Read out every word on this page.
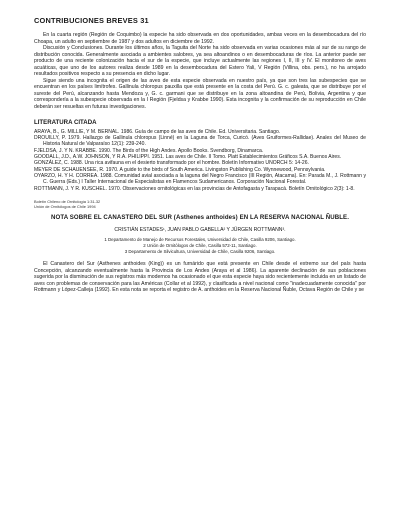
CONTRIBUCIONES BREVES 31

En la cuarta región (Región de Coquimbo) la especie ha sido observada en dos oportunidades, ambas veces en la desembocadura del río Choapa, un adulto en septiembre de 1987 y dos adultos en diciembre de 1992.

Discusión y Conclusiones. Durante los últimos años, la Taguita del Norte ha sido observada en varias ocasiones más al sur de su rango de distribución conocida. Generalmente asociada a ambientes salobres, ya sea altoandinos o en desembocaduras de ríos. La anterior puede ser producto de una reciente colonización hacia el sur de la especie, que incluye actualmente las regiones I, II, III y IV. El monitoreo de aves acuáticas, que uno de los autores realiza desde 1989 en la desembocadura del Estero Yali, V Región (Villina, obs. pers.), no ha arrojado resultados positivos respecto a su presencia en dicho lugar.

Sigue siendo una incognita el origen de las aves de esta especie observada en nuestro país, ya que son tres las subespecies que se encuentran en los países limítrofes. Gallinula chloropus pauxilla que está presente en la costa del Perú. G. c. galeata, que se distribuye por el sureste del Perú, alcanzando hasta Mendoza y, G. c. garmani que se distribuye en la zona altoandina de Perú, Bolivia, Argentina y que correspondería a la subespecie observada en la I Región (Fjeldsa y Krabbe 1990). Esta incognita y la confirmación de su reproducción en Chile deberán ser resueltas en futuras investigaciones.

LITERATURA CITADA
ARAYA, B., G. MILLIE, Y M. BERNAL. 1986. Guía de campo de las aves de Chile. Ed. Universitaria. Santiago.
DROUILLY, P. 1979. Hallazgo de Gallinula chloropus (Linné) en la Laguna de Torca, Curicó. (Aves Gruiformes-Rallidae). Anales del Museo de Historia Natural de Valparaíso 12(1): 239-240.
FJELDSA, J. Y N. KRABBE. 1990. The Birds of the High Andes. Apollo Books. Svendborg, Dinamarca.
GOODALL, J.D., A.W. JOHNSON, Y R.A. PHILIPPI. 1951. Las aves de Chile. II Tomo. Platt Establecimientos Gráficos S.A. Buenos Aires.
GONZÁLEZ, C. 1988. Una rica avifauna en el desierto transformado por el hombre. Boletín Informativo UNORCH 5: 14-26.
MEYER DE SCHAUENSEE, R. 1970. A guide to the birds of South America. Livingston Publishing Co. Wynnewood, Pennsylvania.
OYARZO, H. Y H. CORREA. 1988. Comunidad avial asociada a la laguna del Negro Francisco (III Región, Atacama). En: Parada M., J. Rottmann y C. Guerra (Eds.) I Taller Internacional de Especialistas en Flamencos Sudamericanos. Corporación Nacional Forestal.
ROTTMANN, J. Y R. KUSCHEL. 1970. Observaciones ornitológicas en las provincias de Antofagasta y Tarapacá. Boletín Ornitológico 2(3): 1-8.
Boletín Chileno de Ornitología 1:31-32
Unión de Ornitólogos de Chile 1994
NOTA SOBRE EL CANASTERO DEL SUR (Asthenes anthoides) EN LA RESERVA NACIONAL ÑUBLE.
CRISTIÁN ESTADES¹, JUAN PABLO GABELLA² Y JÜRGEN ROTTMANN³.
1 Departamento de Manejo de Recursos Forestales, Universidad de Chile, Casilla 9206, Santiago.
2 Unión de Ornitólogos de Chile, Casilla 572-11, Santiago.
3 Departamento de Silvicultura, Universidad de Chile, Casilla 9206, Santiago.

El Canastero del Sur (Asthenes anthoides (King)) es un furnárido que está presente en Chile desde el extremo sur del país hasta Concepción, alcanzando eventualmente hasta la Provincia de Los Andes (Araya et al 1986). La aparente declinación de sus poblaciones sugerida por la disminución de sus registros más modernos ha ocasionado el que esta especie haya sido recientemente incluida en un listado de aves con problemas de conservación para las Américas (Collar et al 1992), y clasificada a nivel nacional como "inadecuadamente conocida" por Rottmann y López-Calleja (1992). En esta nota se reporta el registro de A. anthoides en la Reserva Nacional Ñuble, Octava Región de Chile y se
